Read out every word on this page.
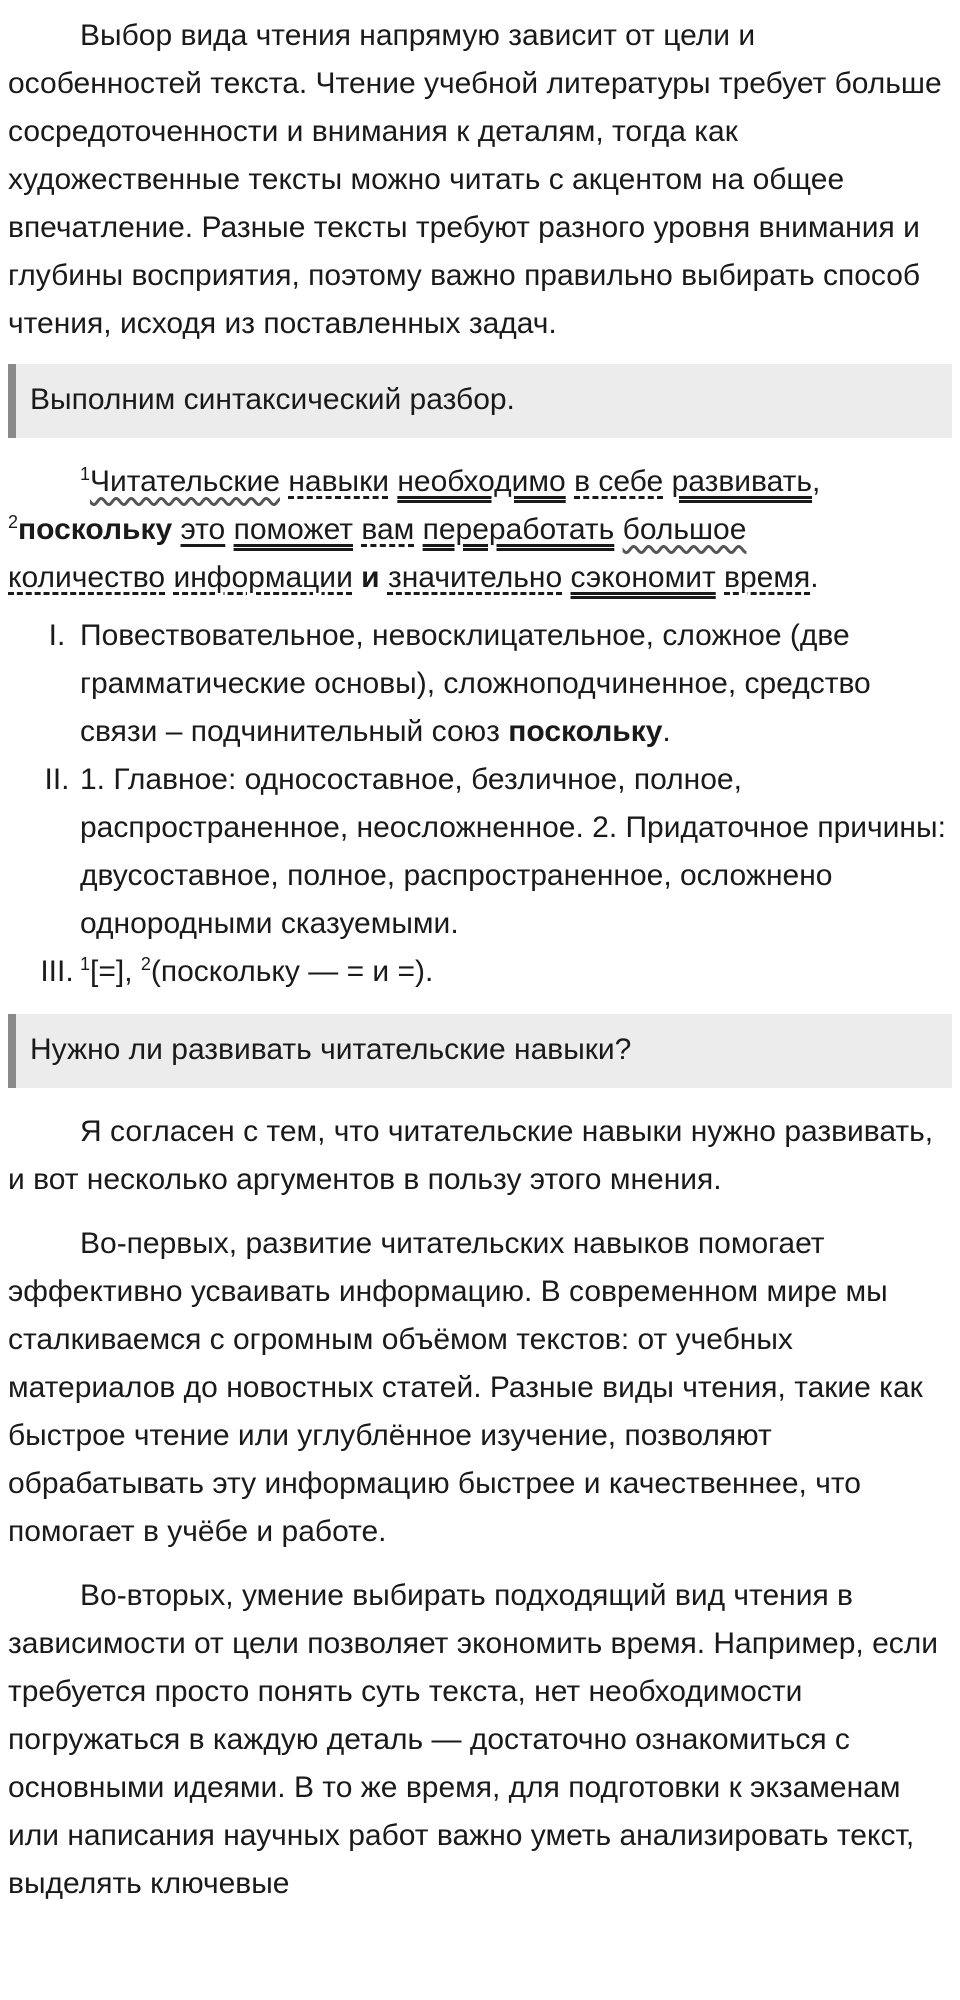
Выбор вида чтения напрямую зависит от цели и особенностей текста. Чтение учебной литературы требует больше сосредоточенности и внимания к деталям, тогда как художественные тексты можно читать с акцентом на общее впечатление. Разные тексты требуют разного уровня внимания и глубины восприятия, поэтому важно правильно выбирать способ чтения, исходя из поставленных задач.

Выполним синтаксический разбор.

$^1$Читательские навыки необходимо в себе развивать,
$^2$поскольку это поможет вам переработать большое
количество информации и значительно сэкономит время.

I. Повествовательное, невосклицательное, сложное (две грамматические основы), сложноподчиненное, средство связи – подчинительный союз поскольку.
II. 1. Главное: односоставное, безличное, полное, распространенное, неосложненное. 2. Придаточное причины: двусоставное, полное, распространенное, осложнено однородными сказуемыми.
III. $^1$[=], $^2$(поскольку — = и =).
Нужно ли развивать читательские навыки?

Я согласен с тем, что читательские навыки нужно развивать, и вот несколько аргументов в пользу этого мнения.

Во-первых, развитие читательских навыков помогает эффективно усваивать информацию. В современном мире мы сталкиваемся с огромным объёмом текстов: от учебных материалов до новостных статей. Разные виды чтения, такие как быстрое чтение или углублённое изучение, позволяют обрабатывать эту информацию быстрее и качественнее, что помогает в учёбе и работе.

Во-вторых, умение выбирать подходящий вид чтения в зависимости от цели позволяет экономить время. Например, если требуется просто понять суть текста, нет необходимости погружаться в каждую деталь — достаточно ознакомиться с основными идеями. В то же время, для подготовки к экзаменам или написания научных работ важно уметь анализировать текст, выделять ключевые
